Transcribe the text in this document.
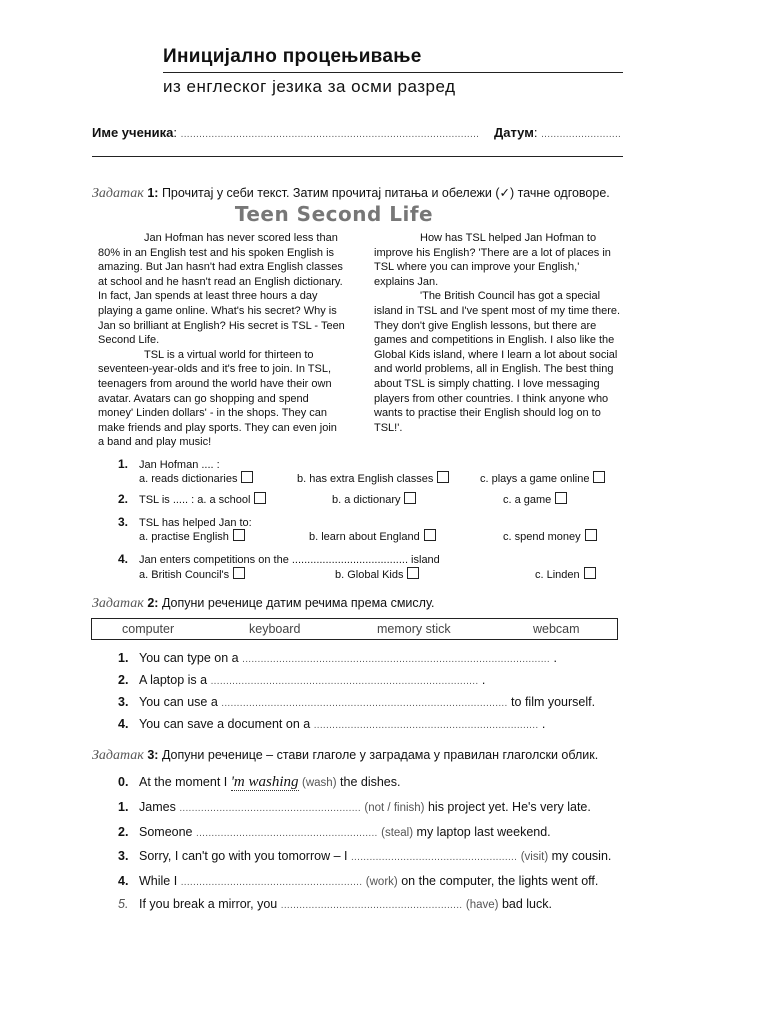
Иницијално процењивање
из енглеског језика за осми разред
Име ученика: ................................................................................................. Датум: ..........................
Задатак 1: Прочитај у себи текст. Затим прочитај питања и обележи (✓) тачне одговоре.
Teen Second Life

Jan Hofman has never scored less than 80% in an English test and his spoken English is amazing. But Jan hasn't had extra English classes at school and he hasn't read an English dictionary. In fact, Jan spends at least three hours a day playing a game online. What's his secret? Why is Jan so brilliant at English? His secret is TSL - Teen Second Life.

TSL is a virtual world for thirteen to seventeen-year-olds and it's free to join. In TSL, teenagers from around the world have their own avatar. Avatars can go shopping and spend money' Linden dollars' - in the shops. They can make friends and play sports. They can even join a band and play music!

How has TSL helped Jan Hofman to improve his English? 'There are a lot of places in TSL where you can improve your English,' explains Jan.

'The British Council has got a special island in TSL and I've spent most of my time there. They don't give English lessons, but there are games and competitions in English. I also like the Global Kids island, where I learn a lot about social and world problems, all in English. The best thing about TSL is simply chatting. I love messaging players from other countries. I think anyone who wants to practise their English should log on to TSL!'.

1. Jan Hofman .... :
a. reads dictionaries	b. has extra English classes	c. plays a game online
2. TSL is ..... : a. a school	b. a dictionary	c. a game
3. TSL has helped Jan to:
a. practise English	b. learn about England	c. spend money
4. Jan enters competitions on the ...................................... island
a. British Council's	b. Global Kids	c. Linden
Задатак 2: Допуни реченице датим речима према смислу.
computer	keyboard	memory stick	webcam
1. You can type on a .................................................................................................... .
2. A laptop is a ....................................................................................... .
3. You can use a ............................................................................................. to film yourself.
4. You can save a document on a ......................................................................... .
Задатак 3: Допуни реченице – стави глаголе у заградама у правилан глаголски облик.
0. At the moment I 'm washing (wash) the dishes.
1. James ........................................................... (not / finish) his project yet. He's very late.
2. Someone ........................................................... (steal) my laptop last weekend.
3. Sorry, I can't go with you tomorrow – I ...................................................... (visit) my cousin.
4. While I ........................................................... (work) on the computer, the lights went off.
5. If you break a mirror, you ........................................................... (have) bad luck.
